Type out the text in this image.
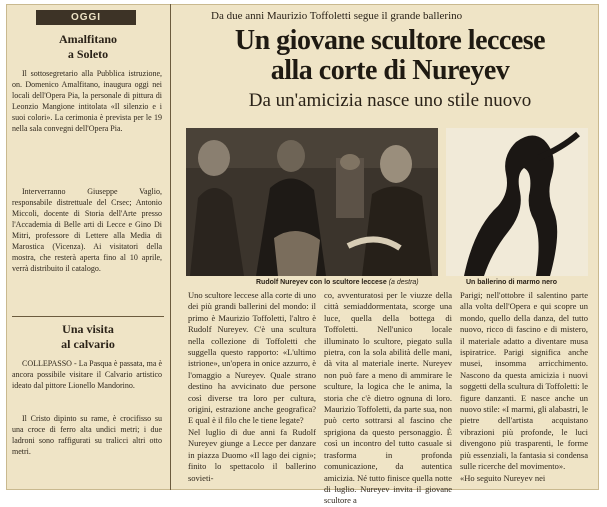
OGGI
Amalfitano
a Soleto
Il sottosegretario alla Pubblica istruzione, on. Domenico Amalfitano, inaugura oggi nei locali dell'Opera Pia, la personale di pittura di Leonzio Mangione intitolata «Il silenzio e i suoi colori». La cerimonia è prevista per le 19 nella sala convegni dell'Opera Pia.
Interverranno Giuseppe Vaglio, responsabile distrettuale del Crsec; Antonio Miccoli, docente di Storia dell'Arte presso l'Accademia di Belle arti di Lecce e Gino Di Mitri, professore di Lettere alla Media di Marostica (Vicenza). Ai visitatori della mostra, che resterà aperta fino al 10 aprile, verrà distribuito il catalogo.
Una visita
al calvario
COLLEPASSO - La Pasqua è passata, ma è ancora possibile visitare il Calvario artistico ideato dal pittore Lionello Mandorino.
Il Cristo dipinto su rame, è crocifisso su una croce di ferro alta undici metri; i due ladroni sono raffigurati su tralicci altri otto metri.
Da due anni Maurizio Toffoletti segue il grande ballerino
Un giovane scultore leccese
alla corte di Nureyev
Da un'amicizia nasce uno stile nuovo
Rudolf Nureyev con lo scultore leccese (a destra)	Un ballerino di marmo nero
Uno scultore leccese alla corte di uno dei più grandi ballerini del mondo: il primo è Maurizio Toffoletti, l'altro è Rudolf Nureyev. C'è una scultura nella collezione di Toffoletti che suggella questo rapporto: «L'ultimo istrione», un'opera in onice azzurro, è l'omaggio a Nureyev. Quale strano destino ha avvicinato due persone così diverse tra loro per cultura, origini, estrazione anche geografica? E qual è il filo che le tiene legate?
Nel luglio di due anni fa Rudolf Nureyev giunge a Lecce per danzare in piazza Duomo «Il lago dei cigni»; finito lo spettacolo il ballerino sovieti-
co, avventuratosi per le viuzze della città semiaddormentata, scorge una luce, quella della bottega di Toffoletti. Nell'unico locale illuminato lo scultore, piegato sulla pietra, con la sola abilità delle mani, dà vita al materiale inerte. Nureyev non può fare a meno di ammirare le sculture, la logica che le anima, la storia che c'è dietro ognuna di loro. Maurizio Toffoletti, da parte sua, non può certo sottrarsi al fascino che sprigiona da questo personaggio. È così un incontro del tutto casuale si trasforma in profonda comunicazione, da autentica amicizia. Né tutto finisce quella notte di luglio. Nureyev invita il giovane scultore a
Parigi; nell'ottobre il salentino parte alla volta dell'Opera e qui scopre un mondo, quello della danza, del tutto nuovo, ricco di fascino e di mistero, il materiale adatto a diventare musa ispiratrice. Parigi significa anche musei, insomma arricchimento. Nascono da questa amicizia i nuovi soggetti della scultura di Toffoletti: le figure danzanti. E nasce anche un nuovo stile: «I marmi, gli alabastri, le pietre dell'artista acquistano vibrazioni più profonde, le luci divengono più trasparenti, le forme più essenziali, la fantasia si condensa sulle ricerche del movimento».
«Ho seguito Nureyev nei
